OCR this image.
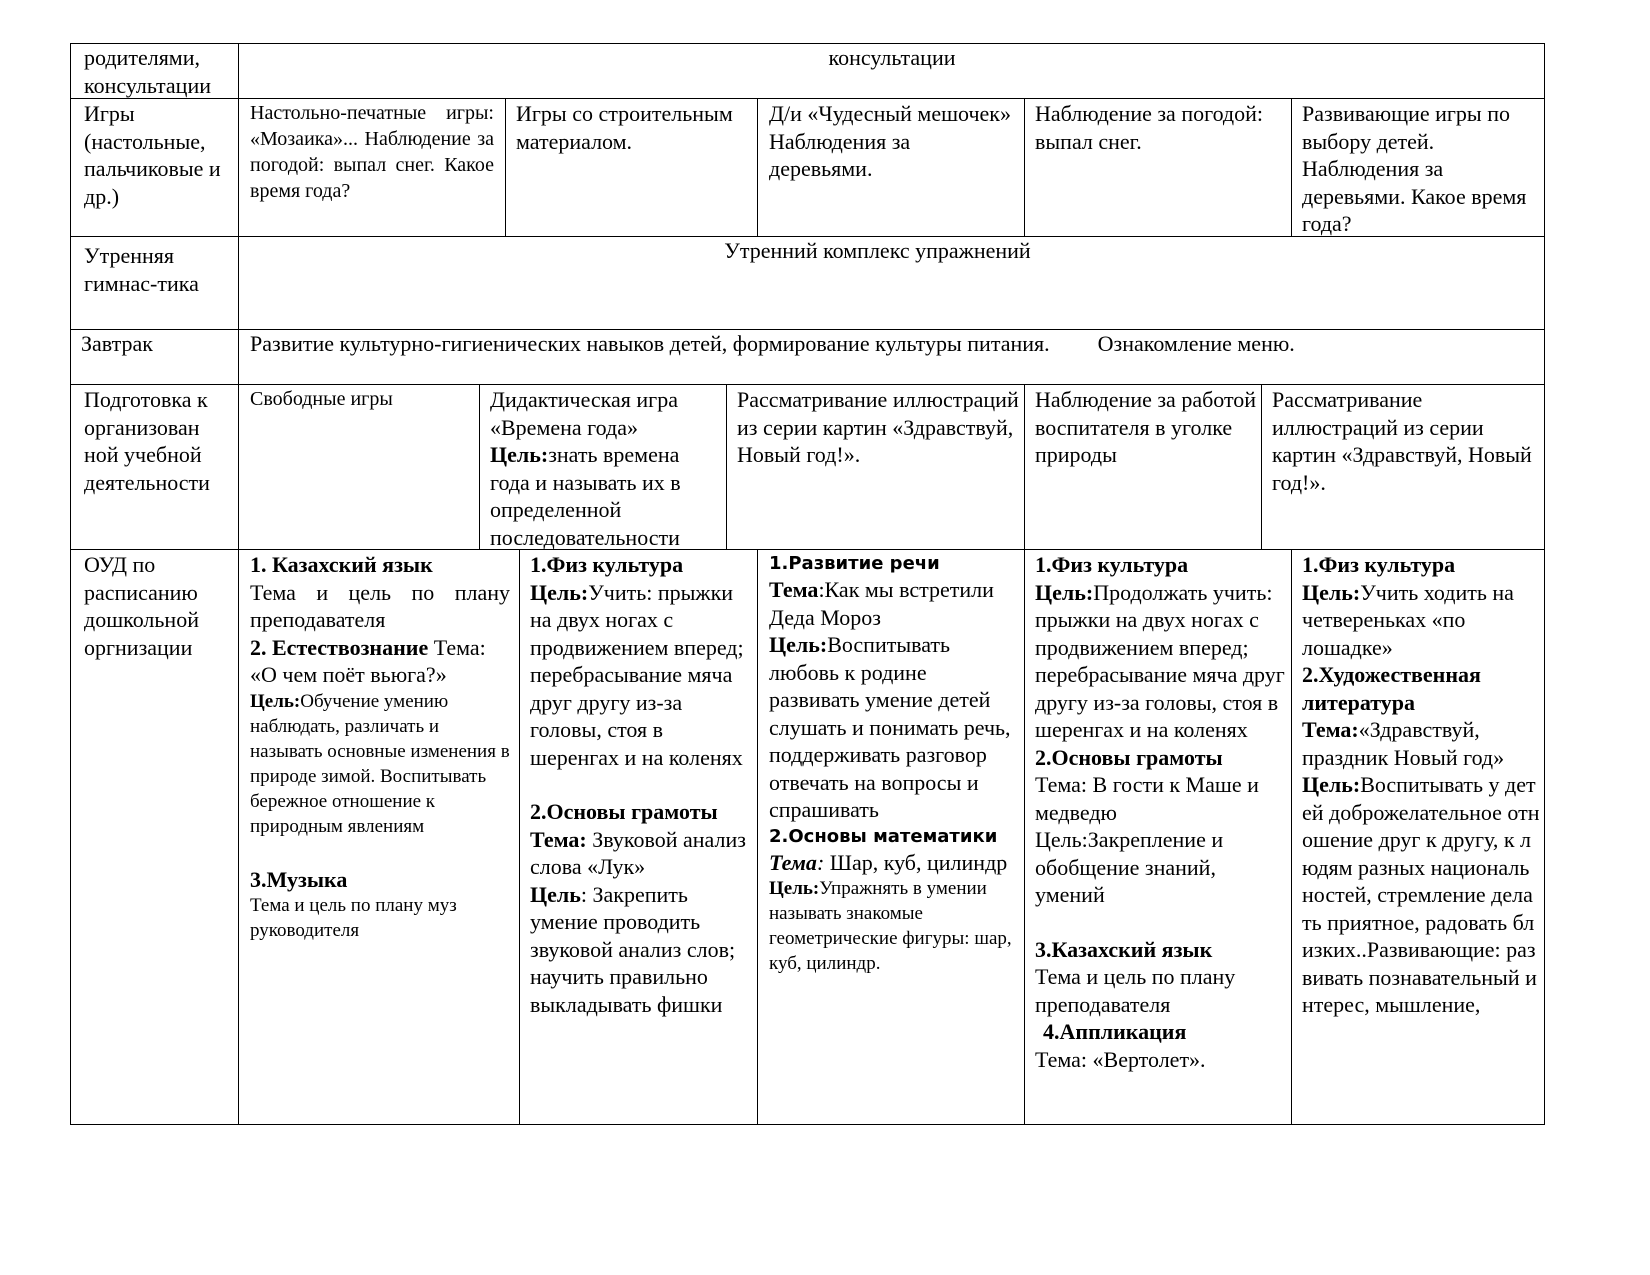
родителями, консультации

консультации

Игры (настольные, пальчиковые и др.)

Настольно-печатные игры: «Мозаика»... Наблюдение за погодой: выпал снег. Какое время года?

Игры со строительным материалом.

Д/и «Чудесный мешочек» Наблюдения за деревьями.

Наблюдение за погодой: выпал снег.

Развивающие игры по выбору детей. Наблюдения за деревьями. Какое время года?

Утренняя гимнас-тика

Утренний комплекс упражнений

Завтрак	Развитие культурно-гигиенических навыков детей, формирование культуры питания. Ознакомление меню.

Подготовка к организован ной учебной деятельности

Свободные игры	Дидактическая игра «Времена года»

Цель:знать времена года и называть их в определенной последовательности

Рассматривание иллюстраций из серии картин «Здравствуй, Новый год!».

Наблюдение за работой воспитателя в уголке природы

Рассматривание иллюстраций из серии картин «Здравствуй, Новый год!».

ОУД по расписанию дошкольной оргнизации

1. Казахский язык

Тема и цель по плану преподавателя

2. Естествознание Тема:
«О чем поёт вьюга?»

Цель:Обучение умению наблюдать, различать и называть основные изменения в природе зимой. Воспитывать бережное отношение к природным явлениям

3.Музыка

Тема и цель по плану муз руководителя

1.Физ культура

Цель:Учить: прыжки на двух ногах с продвижением вперед; перебрасывание мяча друг другу из-за головы, стоя в шеренгах и на коленях

2.Основы грамоты

Тема: Звуковой анализ слова «Лук»

Цель: Закрепить умение проводить звуковой анализ слов; научить правильно выкладывать фишки

1.Развитие речи

Тема:Как мы встретили Деда Мороз

Цель:Воспитывать любовь к родине развивать умение детей слушать и понимать речь, поддерживать разговор отвечать на вопросы и спрашивать

2.Основы математики

Тема: Шар, куб, цилиндр

Цель:Упражнять в умении называть знакомые геометрические фигуры: шар, куб, цилиндр.

1.Физ культура

Цель:Продолжать учить: прыжки на двух ногах с продвижением вперед; перебрасывание мяча друг другу из-за головы, стоя в шеренгах и на коленях

2.Основы грамоты

Тема: В гости к Маше и медведю

Цель:Закрепление и обобщение знаний, умений

3.Казахский язык

Тема и цель по плану преподавателя

4.Аппликация

Тема: «Вертолет».

1.Физ культура

Цель:Учить ходить на четвереньках «по лошадке»

2.Художественная литература

Тема:«Здравствуй, праздник Новый год»

Цель:Воспитывать у детей доброжелательное отношение друг к другу, к людям разных национальностей, стремление делать приятное, радовать близких..Развивающие: развивать познавательный интерес, мышление,
